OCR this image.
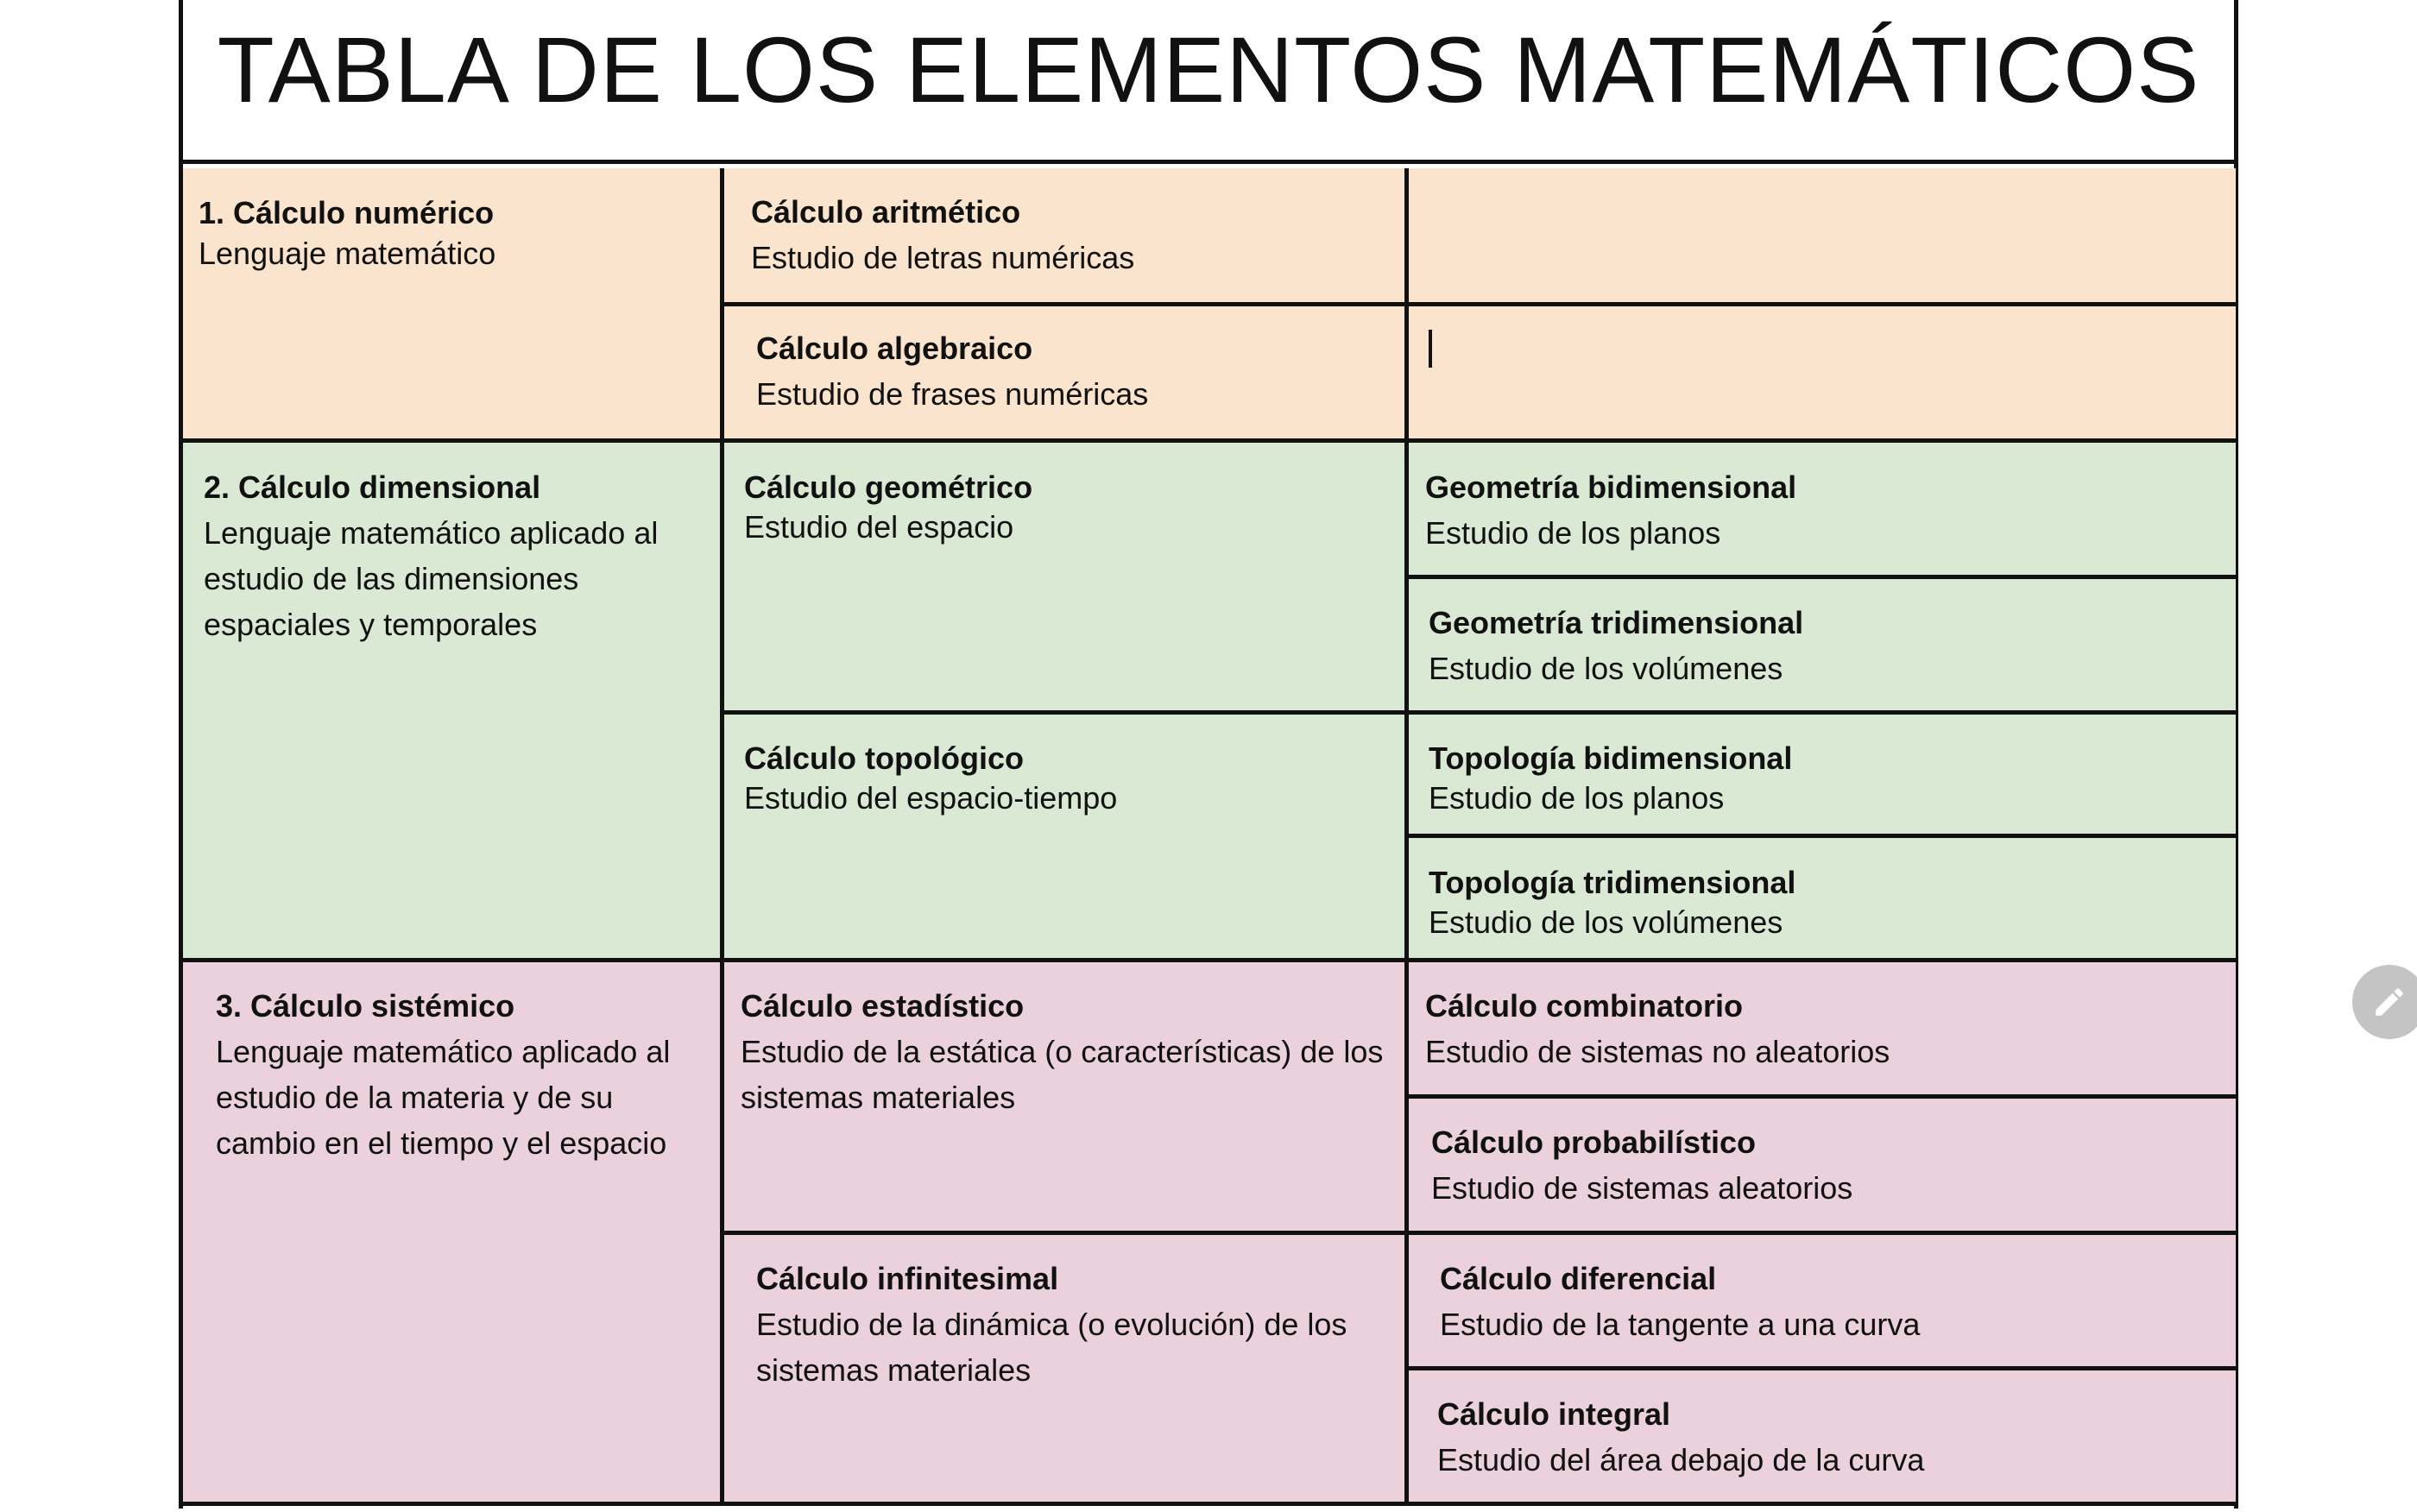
TABLA DE LOS ELEMENTOS MATEMÁTICOS
1. Cálculo numérico
Lenguaje matemático
Cálculo aritmético
Estudio de letras numéricas
Cálculo algebraico
Estudio de frases numéricas
2. Cálculo dimensional
Lenguaje matemático aplicado al estudio de las dimensiones espaciales y temporales
Cálculo geométrico
Estudio del espacio
Geometría bidimensional
Estudio de los planos
Geometría tridimensional
Estudio de los volúmenes
Cálculo topológico
Estudio del espacio-tiempo
Topología bidimensional
Estudio de los planos
Topología tridimensional
Estudio de los volúmenes
3. Cálculo sistémico
Lenguaje matemático aplicado al estudio de la materia y de su cambio en el tiempo y el espacio
Cálculo estadístico
Estudio de la estática (o características) de los sistemas materiales
Cálculo combinatorio
Estudio de sistemas no aleatorios
Cálculo probabilístico
Estudio de sistemas aleatorios
Cálculo infinitesimal
Estudio de la dinámica (o evolución) de los sistemas materiales
Cálculo diferencial
Estudio de la tangente a una curva
Cálculo integral
Estudio del área debajo de la curva
